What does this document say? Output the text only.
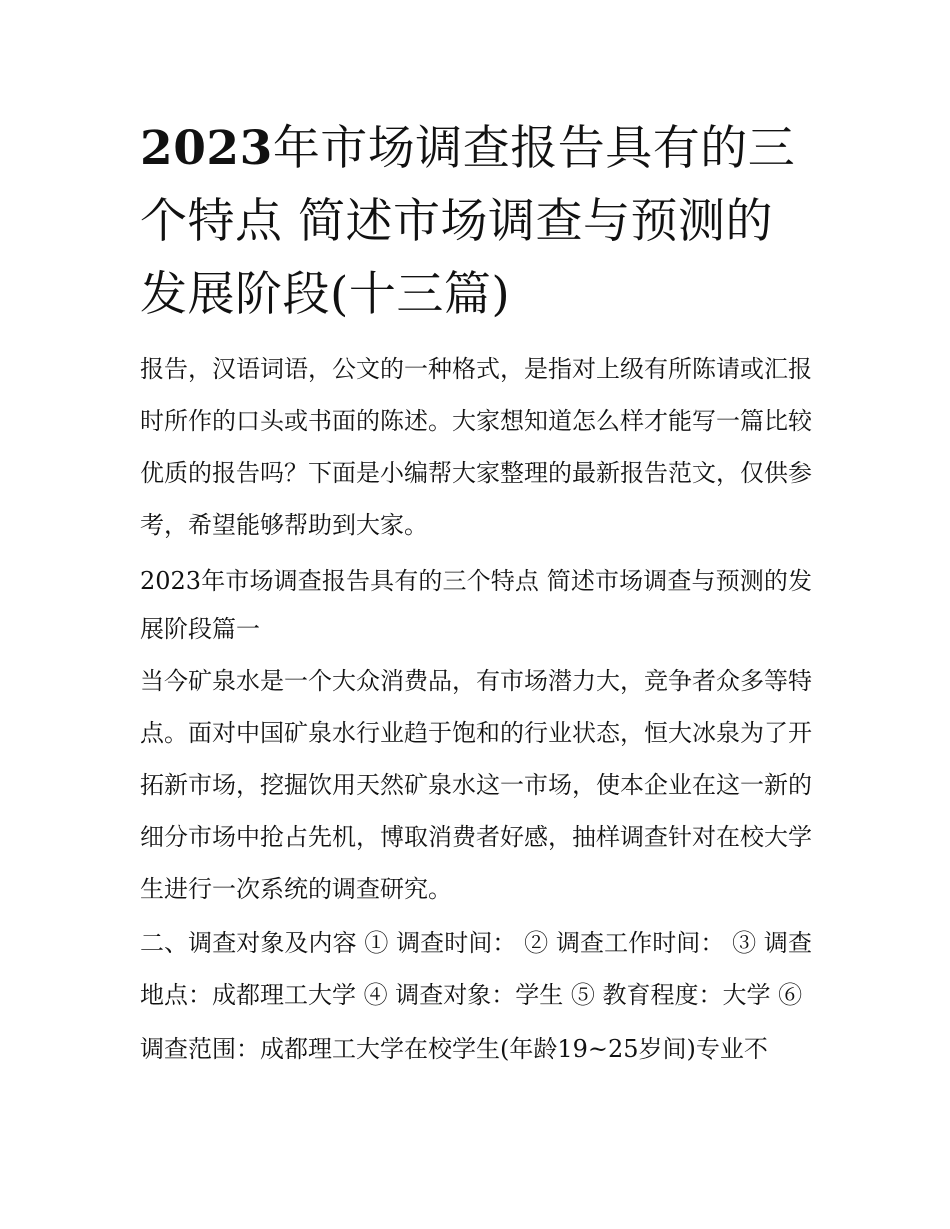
2023年市场调查报告具有的三个特点 简述市场调查与预测的发展阶段(十三篇)

报告，汉语词语，公文的一种格式，是指对上级有所陈请或汇报时所作的口头或书面的陈述。大家想知道怎么样才能写一篇比较优质的报告吗？下面是小编帮大家整理的最新报告范文，仅供参考，希望能够帮助到大家。

2023年市场调查报告具有的三个特点 简述市场调查与预测的发展阶段篇一

当今矿泉水是一个大众消费品，有市场潜力大，竞争者众多等特点。面对中国矿泉水行业趋于饱和的行业状态，恒大冰泉为了开拓新市场，挖掘饮用天然矿泉水这一市场，使本企业在这一新的细分市场中抢占先机，博取消费者好感，抽样调查针对在校大学生进行一次系统的调查研究。

二、调查对象及内容 ① 调查时间： ② 调查工作时间： ③ 调查地点：成都理工大学 ④ 调查对象：学生 ⑤ 教育程度：大学 ⑥

调查范围：成都理工大学在校学生(年龄19~25岁间)专业不
